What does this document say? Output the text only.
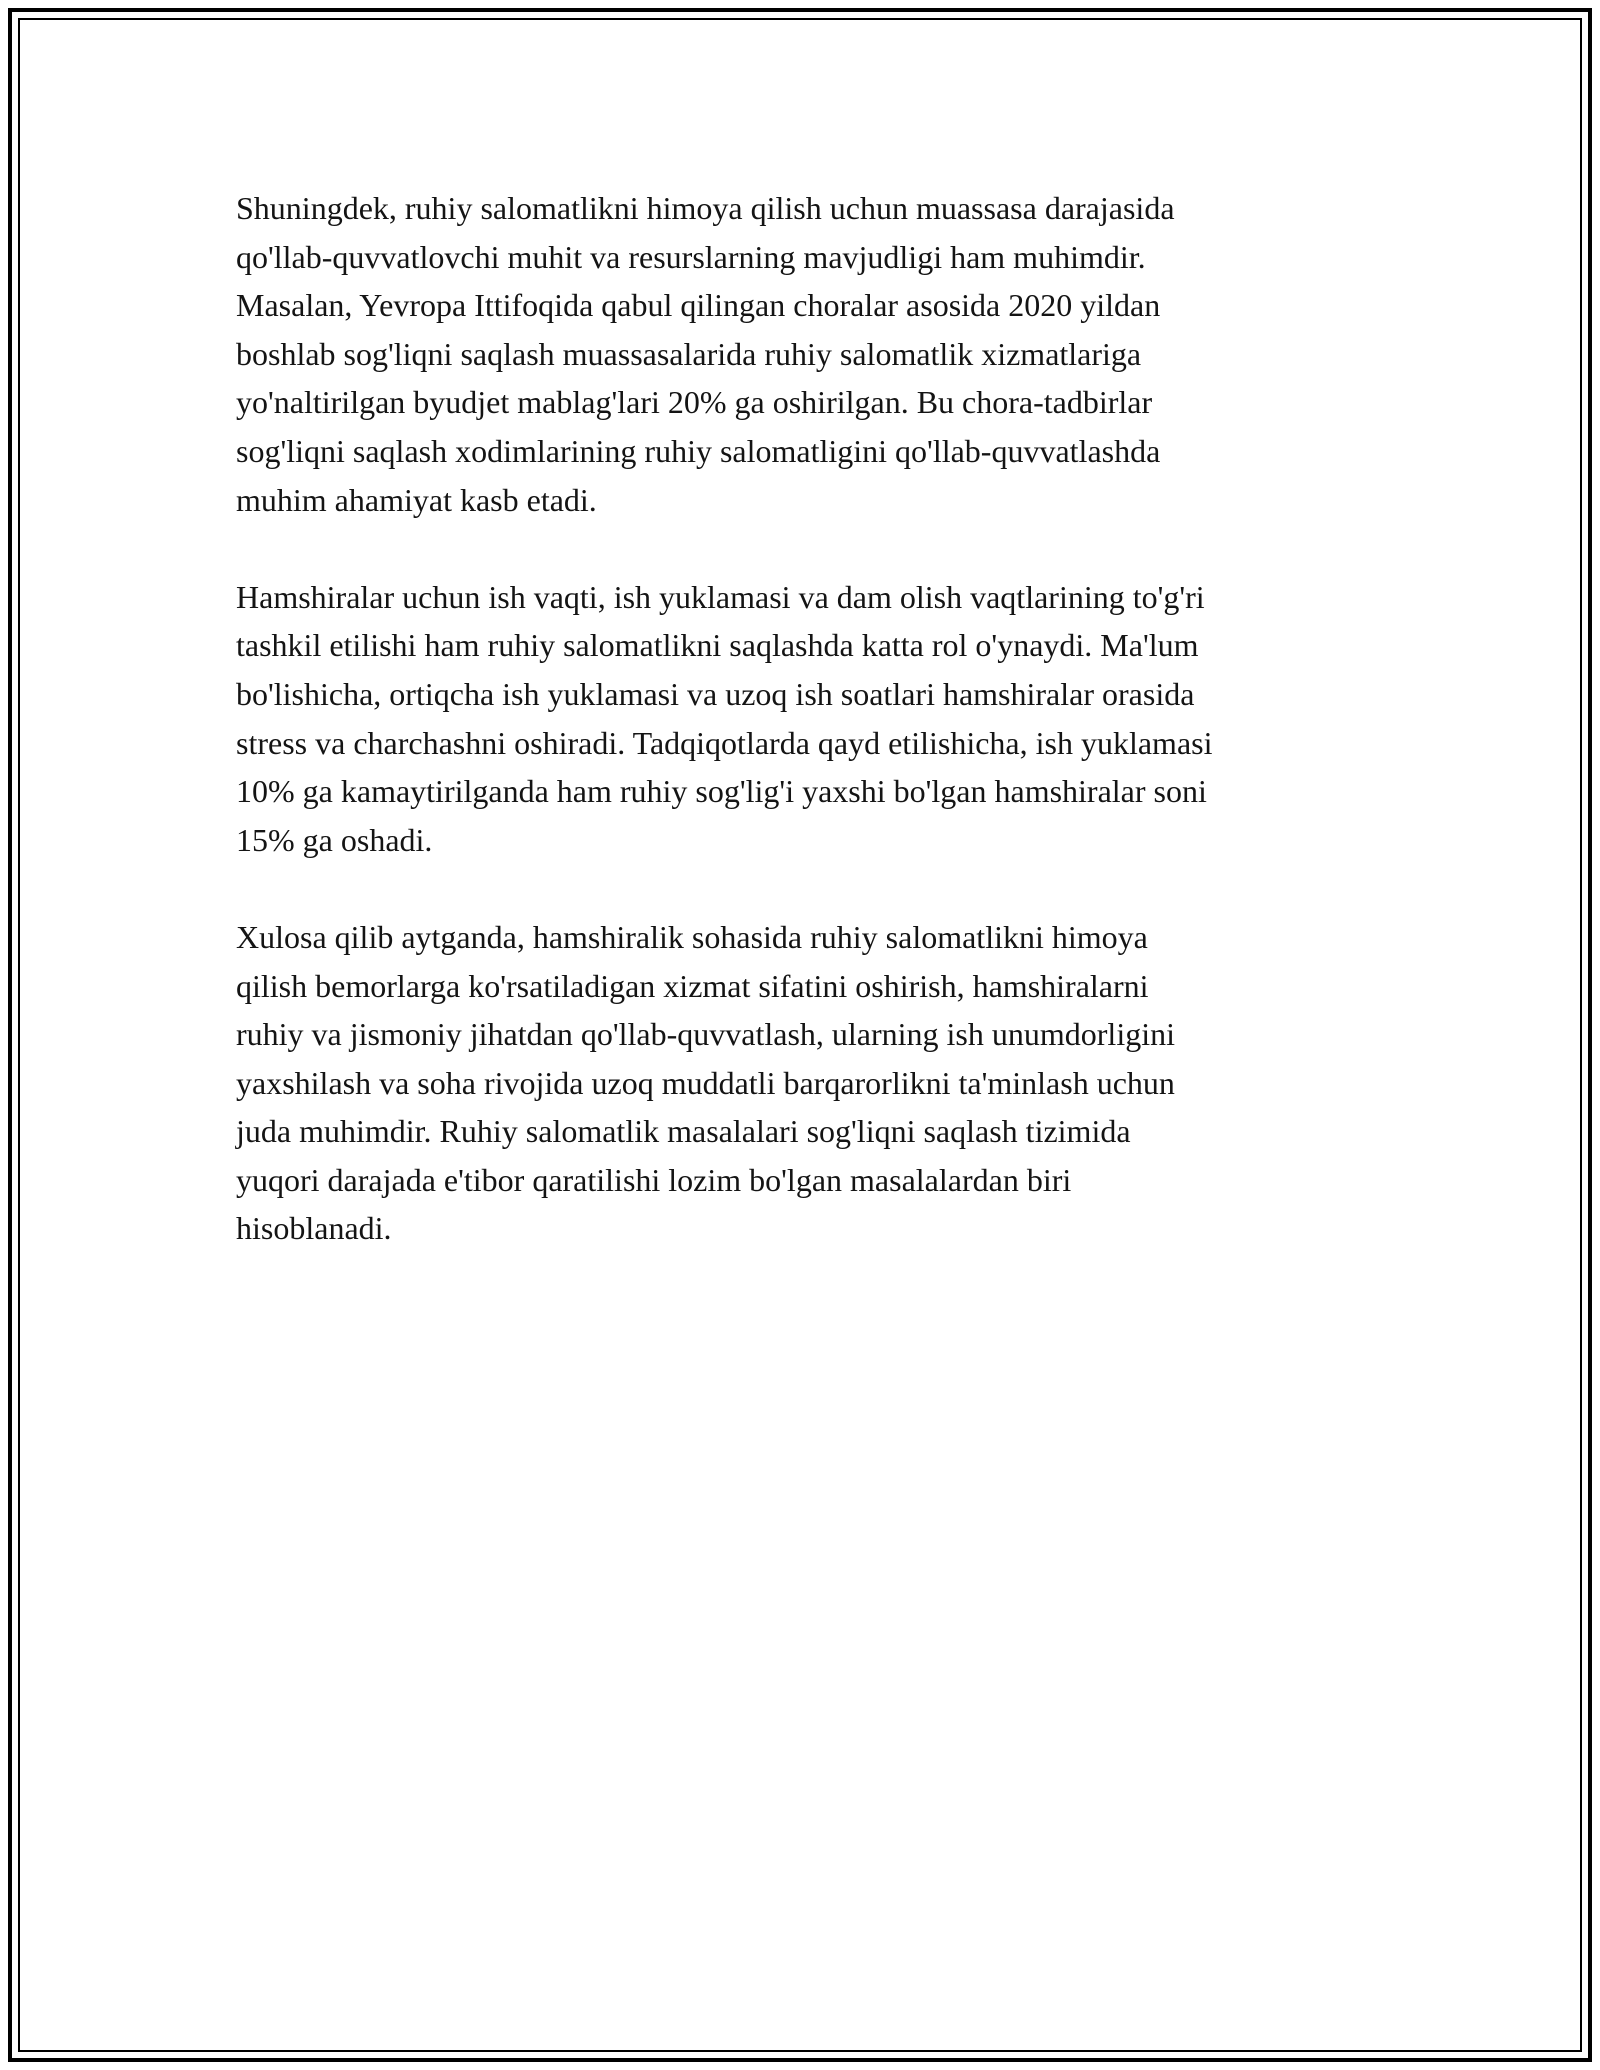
Shuningdek, ruhiy salomatlikni himoya qilish uchun muassasa darajasida
qo'llab-quvvatlovchi muhit va resurslarning mavjudligi ham muhimdir.
Masalan, Yevropa Ittifoqida qabul qilingan choralar asosida 2020 yildan
boshlab sog'liqni saqlash muassasalarida ruhiy salomatlik xizmatlariga
yo'naltirilgan byudjet mablag'lari 20% ga oshirilgan. Bu chora-tadbirlar
sog'liqni saqlash xodimlarining ruhiy salomatligini qo'llab-quvvatlashda
muhim ahamiyat kasb etadi.

Hamshiralar uchun ish vaqti, ish yuklamasi va dam olish vaqtlarining to'g'ri
tashkil etilishi ham ruhiy salomatlikni saqlashda katta rol o'ynaydi. Ma'lum
bo'lishicha, ortiqcha ish yuklamasi va uzoq ish soatlari hamshiralar orasida
stress va charchashni oshiradi. Tadqiqotlarda qayd etilishicha, ish yuklamasi
10% ga kamaytirilganda ham ruhiy sog'lig'i yaxshi bo'lgan hamshiralar soni
15% ga oshadi.

Xulosa qilib aytganda, hamshiralik sohasida ruhiy salomatlikni himoya
qilish bemorlarga ko'rsatiladigan xizmat sifatini oshirish, hamshiralarni
ruhiy va jismoniy jihatdan qo'llab-quvvatlash, ularning ish unumdorligini
yaxshilash va soha rivojida uzoq muddatli barqarorlikni ta'minlash uchun
juda muhimdir. Ruhiy salomatlik masalalari sog'liqni saqlash tizimida
yuqori darajada e'tibor qaratilishi lozim bo'lgan masalalardan biri
hisoblanadi.
